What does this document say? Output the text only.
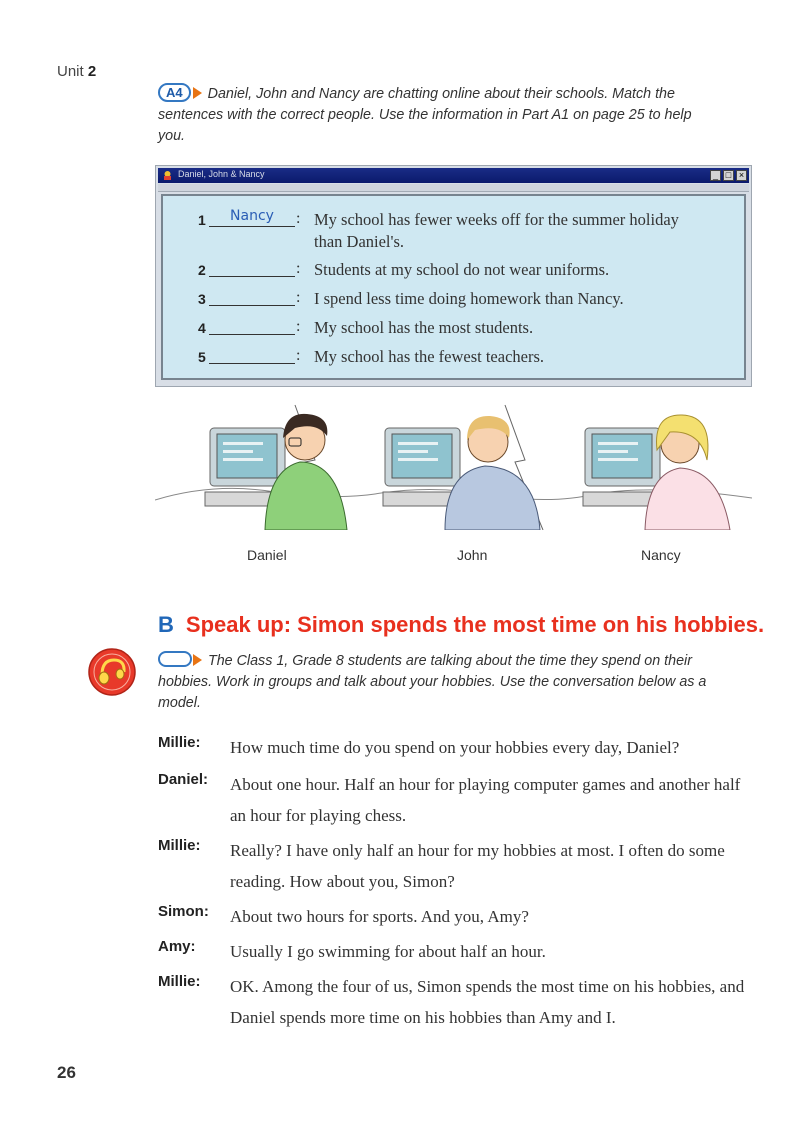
Unit 2
A4 Daniel, John and Nancy are chatting online about their schools. Match the sentences with the correct people. Use the information in Part A1 on page 25 to help you.
Daniel, John & Nancy	_ □ ×
1	Nancy	: My school has fewer weeks off for the summer holiday than Daniel's.
2	: Students at my school do not wear uniforms.
3	: I spend less time doing homework than Nancy.
4	: My school has the most students.
5	: My school has the fewest teachers.
Daniel	John	Nancy
B Speak up: Simon spends the most time on his hobbies.
The Class 1, Grade 8 students are talking about the time they spend on their hobbies. Work in groups and talk about your hobbies. Use the conversation below as a model.
Millie: How much time do you spend on your hobbies every day, Daniel?
Daniel: About one hour. Half an hour for playing computer games and another half an hour for playing chess.
Millie: Really? I have only half an hour for my hobbies at most. I often do some reading. How about you, Simon?
Simon: About two hours for sports. And you, Amy?
Amy: Usually I go swimming for about half an hour.
Millie: OK. Among the four of us, Simon spends the most time on his hobbies, and Daniel spends more time on his hobbies than Amy and I.
26
